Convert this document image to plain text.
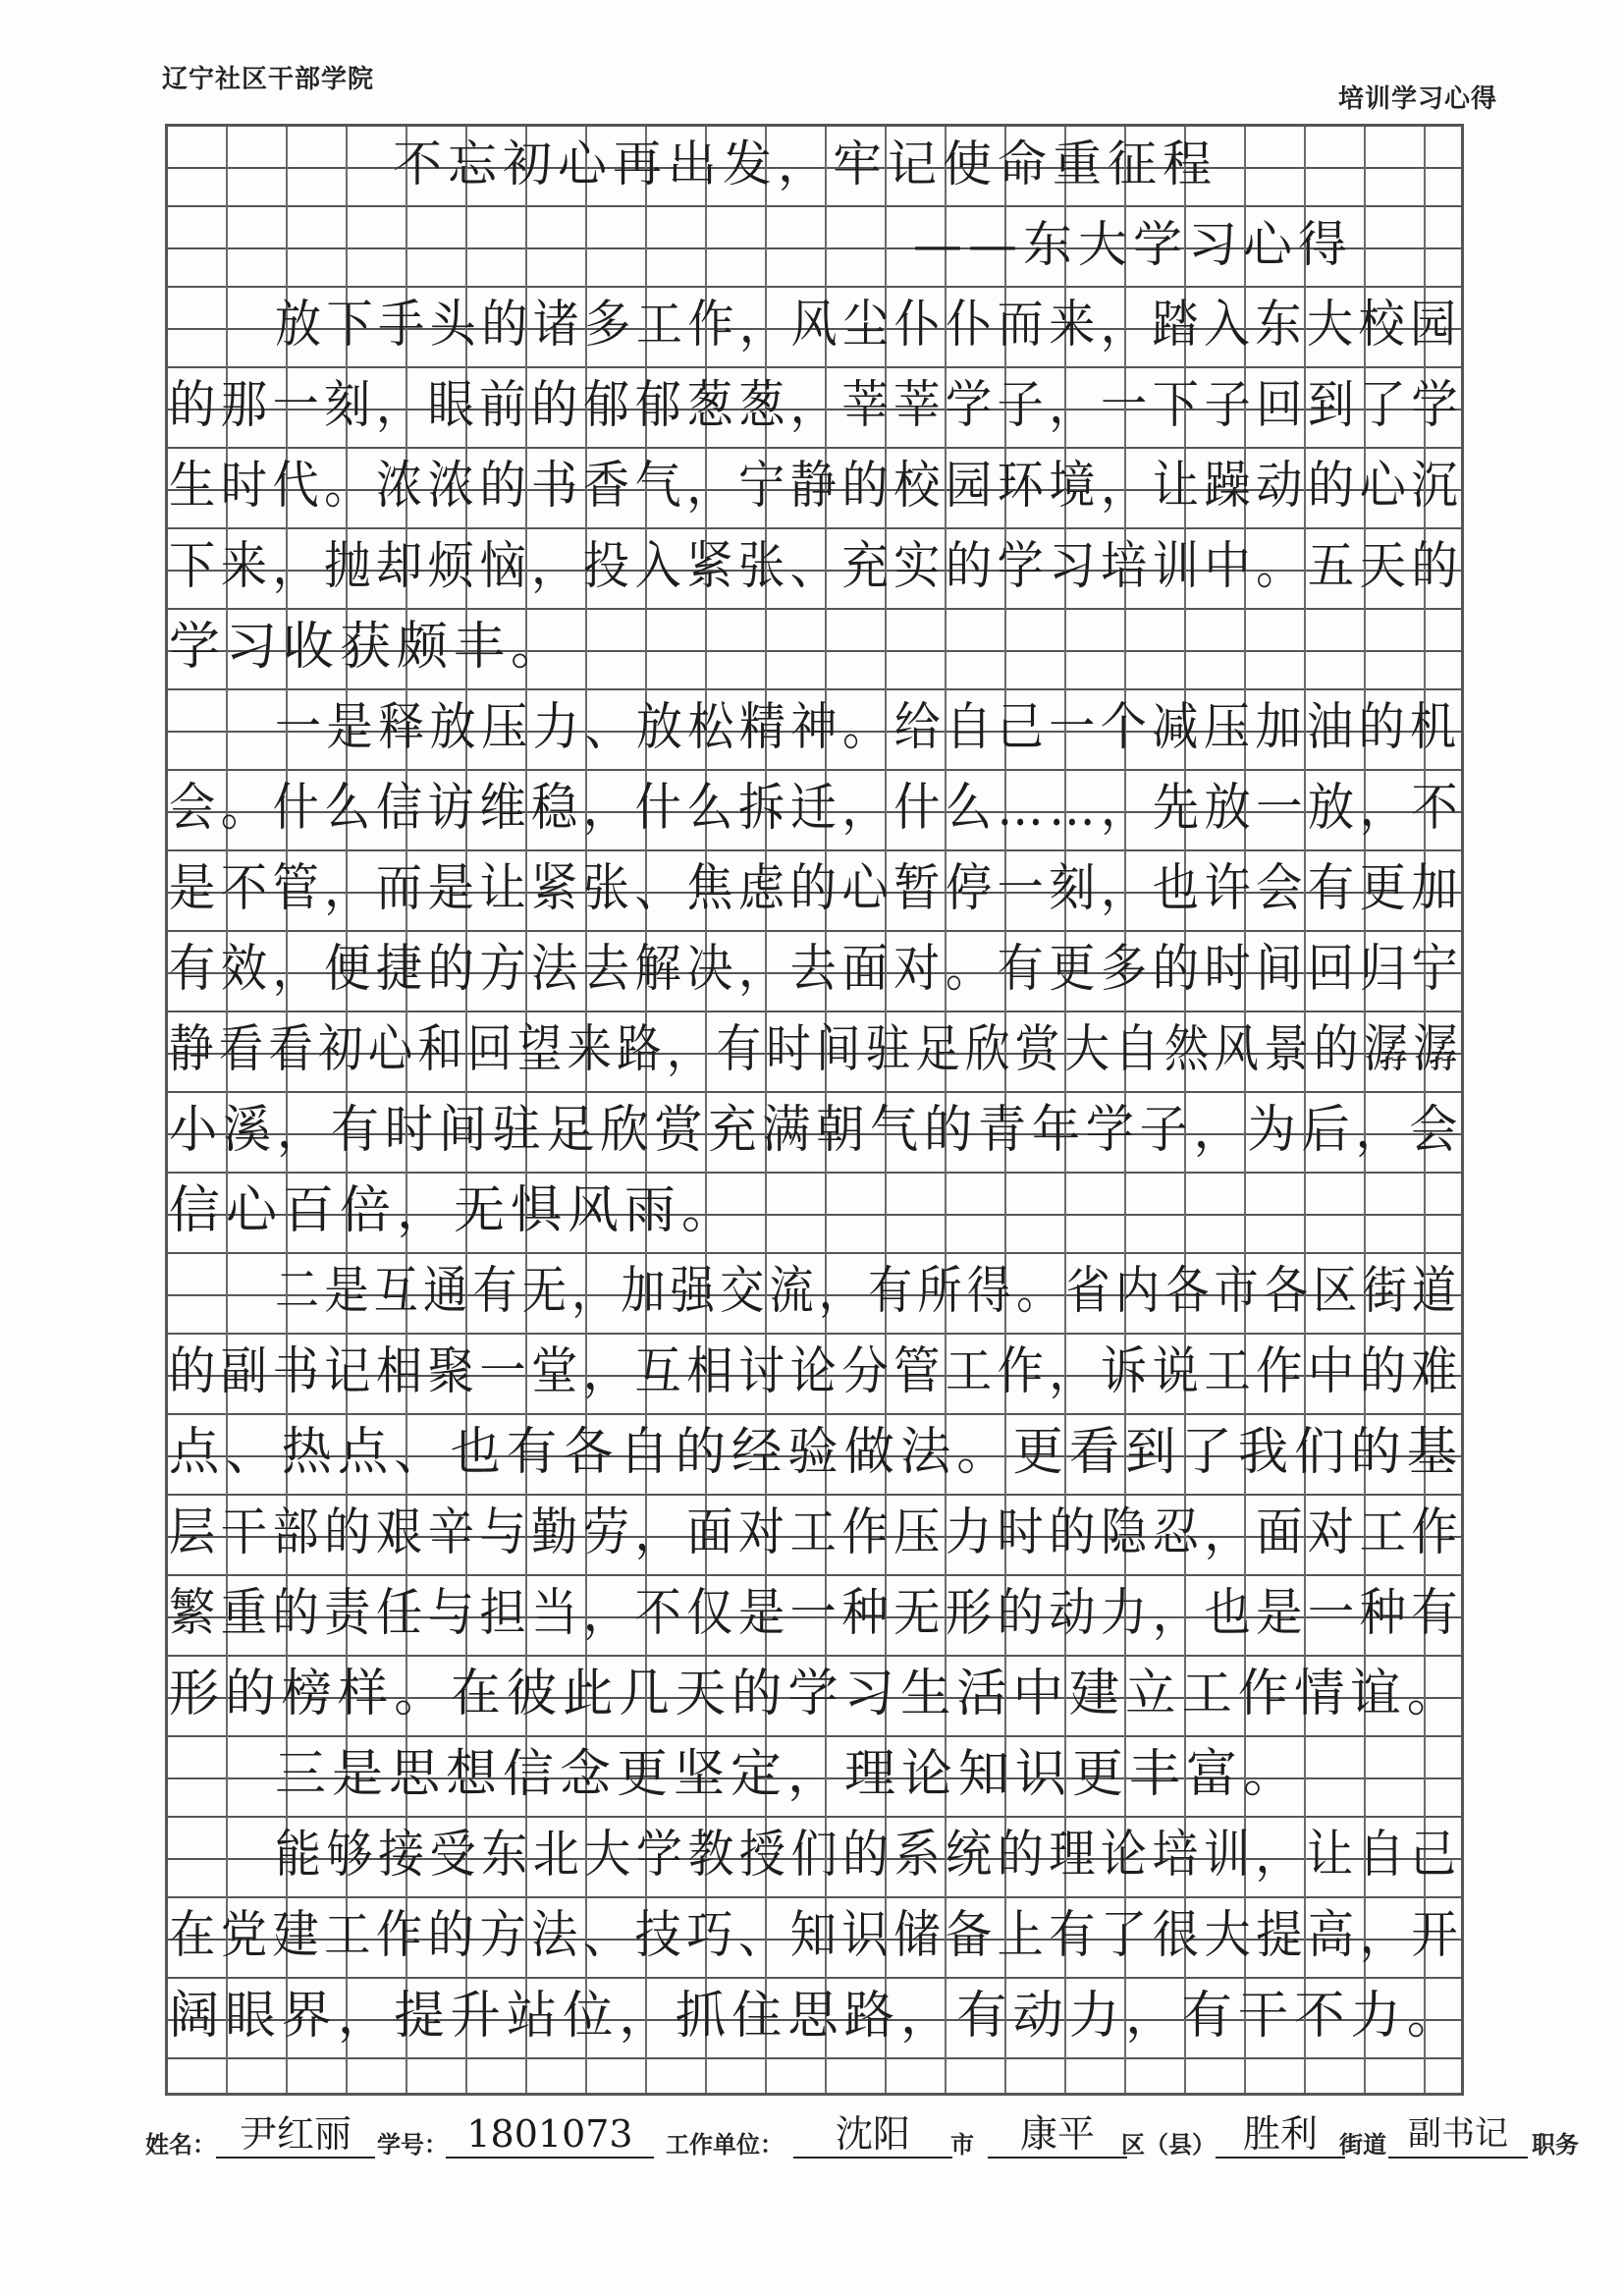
辽宁社区干部学院
培训学习心得
不忘初心再出发，牢记使命重征程
——东大学习心得
放下手头的诸多工作，风尘仆仆而来，踏入东大校园
的那一刻，眼前的郁郁葱葱，莘莘学子，一下子回到了学
生时代。浓浓的书香气，宁静的校园环境，让躁动的心沉
下来，抛却烦恼，投入紧张、充实的学习培训中。五天的
学习收获颇丰。
一是释放压力、放松精神。给自己一个减压加油的机
会。什么信访维稳，什么拆迁，什么……，先放一放，不
是不管，而是让紧张、焦虑的心暂停一刻，也许会有更加
有效，便捷的方法去解决，去面对。有更多的时间回归宁
静看看初心和回望来路，有时间驻足欣赏大自然风景的潺潺
小溪，有时间驻足欣赏充满朝气的青年学子，为后，会
信心百倍，无惧风雨。
二是互通有无，加强交流，有所得。省内各市各区街道
的副书记相聚一堂，互相讨论分管工作，诉说工作中的难
点、热点、也有各自的经验做法。更看到了我们的基
层干部的艰辛与勤劳，面对工作压力时的隐忍，面对工作
繁重的责任与担当，不仅是一种无形的动力，也是一种有
形的榜样。在彼此几天的学习生活中建立工作情谊。
三是思想信念更坚定，理论知识更丰富。
能够接受东北大学教授们的系统的理论培训，让自己
在党建工作的方法、技巧、知识储备上有了很大提高，开
阔眼界，提升站位，抓住思路，有动力，有干不力。
姓名： 尹红丽	学号： 1801073	工作单位：	沈阳	市	康平	区（县） 胜利 街道 副书记	职务
